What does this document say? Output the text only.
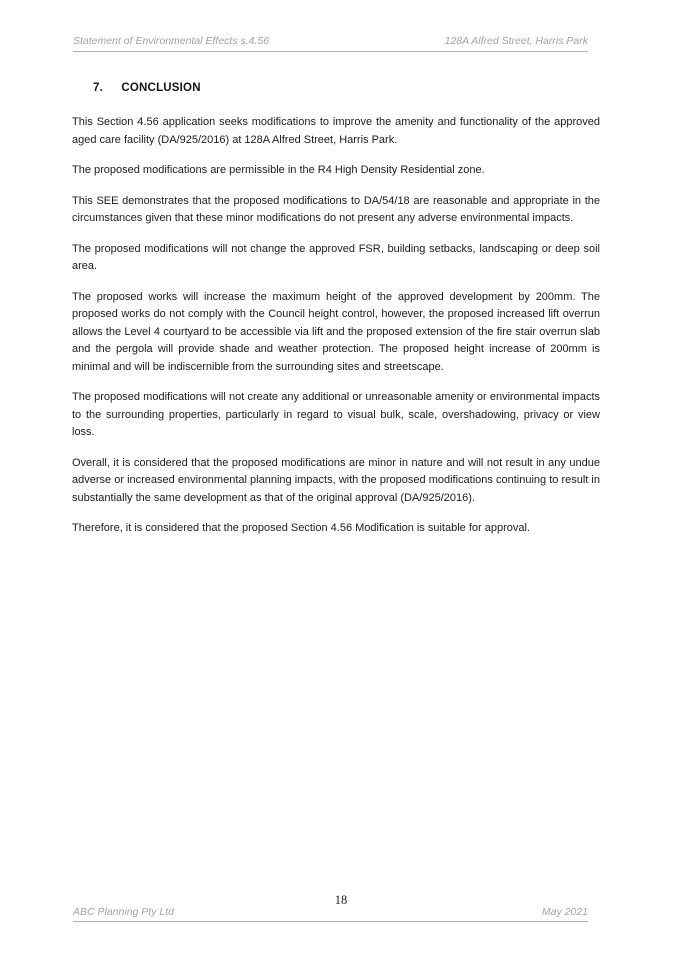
Statement of Environmental Effects s.4.56	128A Alfred Street, Harris Park
7. CONCLUSION

This Section 4.56 application seeks modifications to improve the amenity and functionality of the approved aged care facility (DA/925/2016) at 128A Alfred Street, Harris Park.

The proposed modifications are permissible in the R4 High Density Residential zone.

This SEE demonstrates that the proposed modifications to DA/54/18 are reasonable and appropriate in the circumstances given that these minor modifications do not present any adverse environmental impacts.

The proposed modifications will not change the approved FSR, building setbacks, landscaping or deep soil area.

The proposed works will increase the maximum height of the approved development by 200mm. The proposed works do not comply with the Council height control, however, the proposed increased lift overrun allows the Level 4 courtyard to be accessible via lift and the proposed extension of the fire stair overrun slab and the pergola will provide shade and weather protection. The proposed height increase of 200mm is minimal and will be indiscernible from the surrounding sites and streetscape.

The proposed modifications will not create any additional or unreasonable amenity or environmental impacts to the surrounding properties, particularly in regard to visual bulk, scale, overshadowing, privacy or view loss.

Overall, it is considered that the proposed modifications are minor in nature and will not result in any undue adverse or increased environmental planning impacts, with the proposed modifications continuing to result in substantially the same development as that of the original approval (DA/925/2016).

Therefore, it is considered that the proposed Section 4.56 Modification is suitable for approval.

18
ABC Planning Pty Ltd	May 2021
